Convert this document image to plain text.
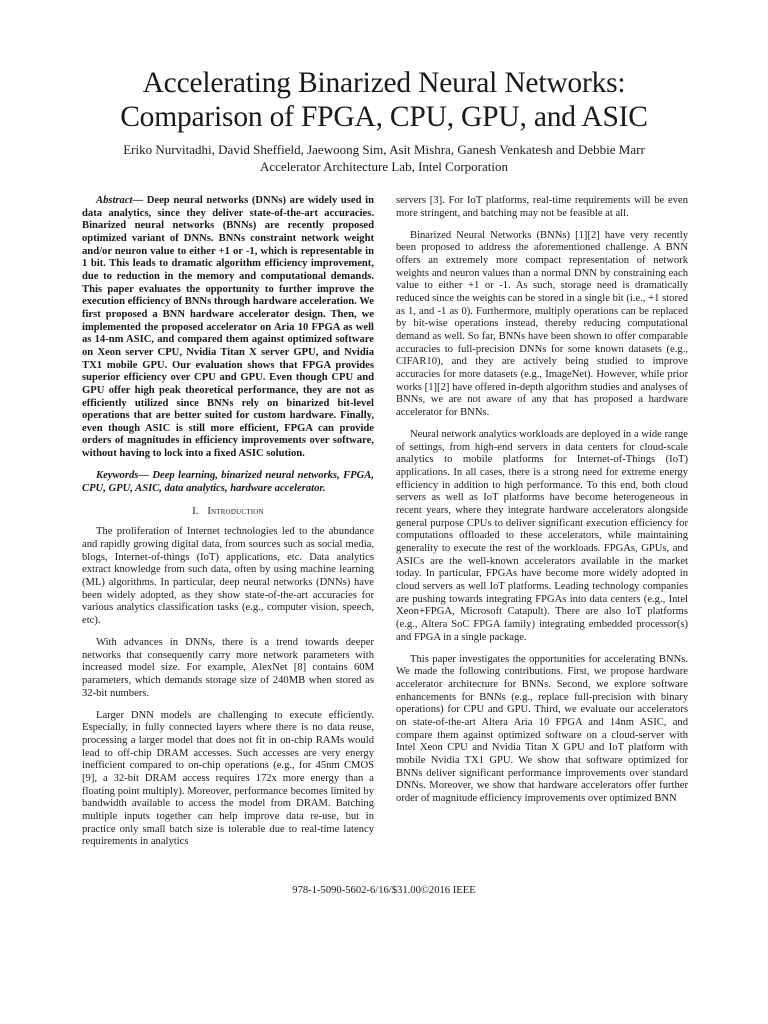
Accelerating Binarized Neural Networks:
Comparison of FPGA, CPU, GPU, and ASIC
Eriko Nurvitadhi, David Sheffield, Jaewoong Sim, Asit Mishra, Ganesh Venkatesh and Debbie Marr
Accelerator Architecture Lab, Intel Corporation

Abstract— Deep neural networks (DNNs) are widely used in data analytics, since they deliver state-of-the-art accuracies. Binarized neural networks (BNNs) are recently proposed optimized variant of DNNs. BNNs constraint network weight and/or neuron value to either +1 or -1, which is representable in 1 bit. This leads to dramatic algorithm efficiency improvement, due to reduction in the memory and computational demands. This paper evaluates the opportunity to further improve the execution efficiency of BNNs through hardware acceleration. We first proposed a BNN hardware accelerator design. Then, we implemented the proposed accelerator on Aria 10 FPGA as well as 14-nm ASIC, and compared them against optimized software on Xeon server CPU, Nvidia Titan X server GPU, and Nvidia TX1 mobile GPU. Our evaluation shows that FPGA provides superior efficiency over CPU and GPU. Even though CPU and GPU offer high peak theoretical performance, they are not as efficiently utilized since BNNs rely on binarized bit-level operations that are better suited for custom hardware. Finally, even though ASIC is still more efficient, FPGA can provide orders of magnitudes in efficiency improvements over software, without having to lock into a fixed ASIC solution.

Keywords— Deep learning, binarized neural networks, FPGA, CPU, GPU, ASIC, data analytics, hardware accelerator.

I. Introduction

The proliferation of Internet technologies led to the abundance and rapidly growing digital data, from sources such as social media, blogs, Internet-of-things (IoT) applications, etc. Data analytics extract knowledge from such data, often by using machine learning (ML) algorithms. In particular, deep neural networks (DNNs) have been widely adopted, as they show state-of-the-art accuracies for various analytics classification tasks (e.g., computer vision, speech, etc).

With advances in DNNs, there is a trend towards deeper networks that consequently carry more network parameters with increased model size. For example, AlexNet [8] contains 60M parameters, which demands storage size of 240MB when stored as 32-bit numbers.

Larger DNN models are challenging to execute efficiently. Especially, in fully connected layers where there is no data reuse, processing a larger model that does not fit in on-chip RAMs would lead to off-chip DRAM accesses. Such accesses are very energy inefficient compared to on-chip operations (e.g., for 45nm CMOS [9], a 32-bit DRAM access requires 172x more energy than a floating point multiply). Moreover, performance becomes limited by bandwidth available to access the model from DRAM. Batching multiple inputs together can help improve data re-use, but in practice only small batch size is tolerable due to real-time latency requirements in analytics

servers [3]. For IoT platforms, real-time requirements will be even more stringent, and batching may not be feasible at all.

Binarized Neural Networks (BNNs) [1][2] have very recently been proposed to address the aforementioned challenge. A BNN offers an extremely more compact representation of network weights and neuron values than a normal DNN by constraining each value to either +1 or -1. As such, storage need is dramatically reduced since the weights can be stored in a single bit (i.e., +1 stored as 1, and -1 as 0). Furthermore, multiply operations can be replaced by bit-wise operations instead, thereby reducing computational demand as well. So far, BNNs have been shown to offer comparable accuracies to full-precision DNNs for some known datasets (e.g., CIFAR10), and they are actively being studied to improve accuracies for more datasets (e.g., ImageNet). However, while prior works [1][2] have offered in-depth algorithm studies and analyses of BNNs, we are not aware of any that has proposed a hardware accelerator for BNNs.

Neural network analytics workloads are deployed in a wide range of settings, from high-end servers in data centers for cloud-scale analytics to mobile platforms for Internet-of-Things (IoT) applications. In all cases, there is a strong need for extreme energy efficiency in addition to high performance. To this end, both cloud servers as well as IoT platforms have become heterogeneous in recent years, where they integrate hardware accelerators alongside general purpose CPUs to deliver significant execution efficiency for computations offloaded to these accelerators, while maintaining generality to execute the rest of the workloads. FPGAs, GPUs, and ASICs are the well-known accelerators available in the market today. In particular, FPGAs have become more widely adopted in cloud servers as well IoT platforms. Leading technology companies are pushing towards integrating FPGAs into data centers (e.g., Intel Xeon+FPGA, Microsoft Catapult). There are also IoT platforms (e.g., Altera SoC FPGA family) integrating embedded processor(s) and FPGA in a single package.

This paper investigates the opportunities for accelerating BNNs. We made the following contributions. First, we propose hardware accelerator architecture for BNNs. Second, we explore software enhancements for BNNs (e.g., replace full-precision with binary operations) for CPU and GPU. Third, we evaluate our accelerators on state-of-the-art Altera Aria 10 FPGA and 14nm ASIC, and compare them against optimized software on a cloud-server with Intel Xeon CPU and Nvidia Titan X GPU and IoT platform with mobile Nvidia TX1 GPU. We show that software optimized for BNNs deliver significant performance improvements over standard DNNs. Moreover, we show that hardware accelerators offer further order of magnitude efficiency improvements over optimized BNN

978-1-5090-5602-6/16/$31.00©2016 IEEE
